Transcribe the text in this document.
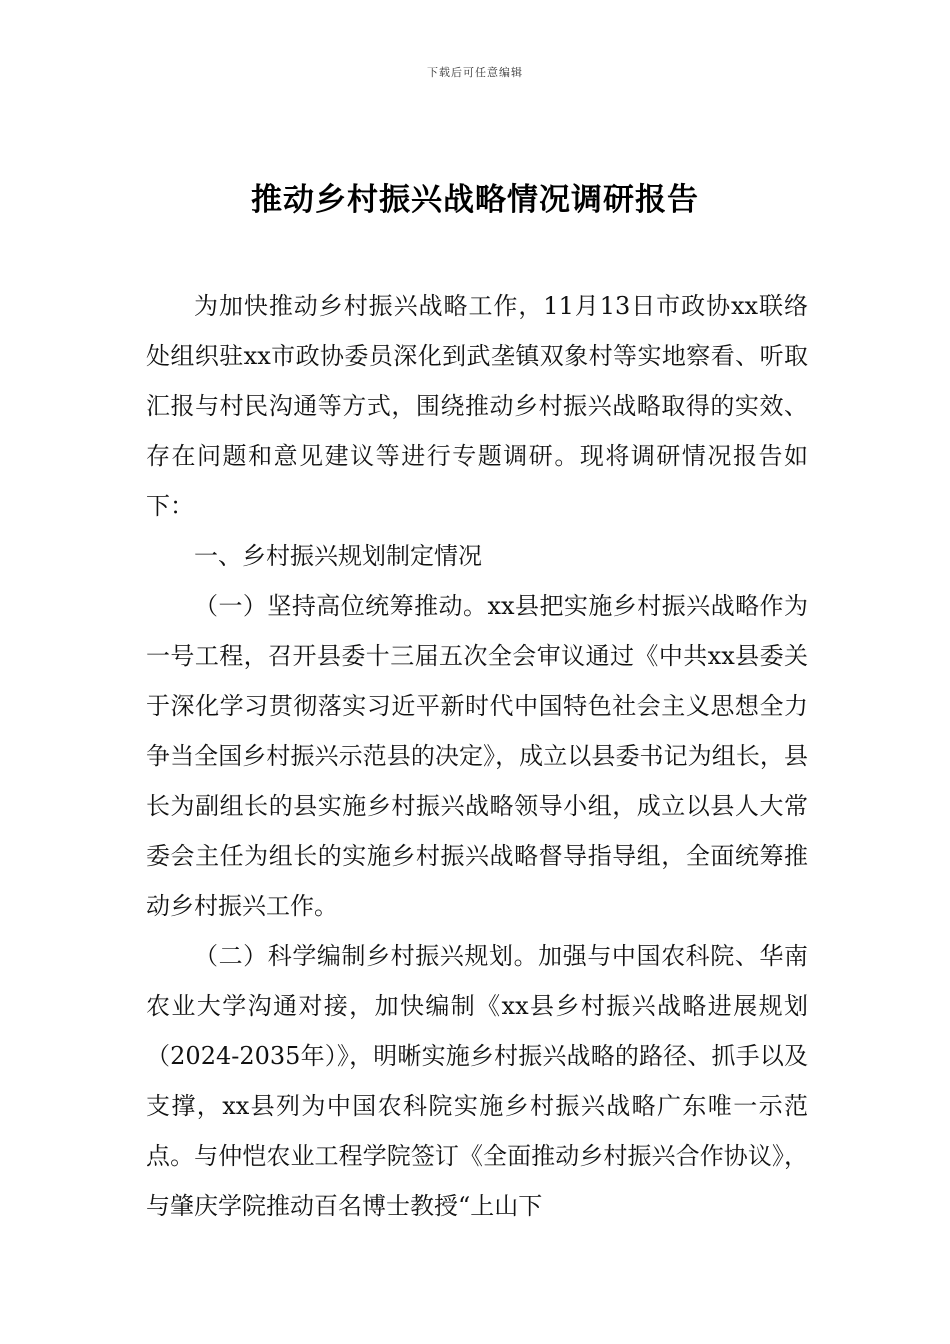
下载后可任意编辑
推动乡村振兴战略情况调研报告

为加快推动乡村振兴战略工作，11月13日市政协xx联络处组织驻xx市政协委员深化到武垄镇双象村等实地察看、听取汇报与村民沟通等方式，围绕推动乡村振兴战略取得的实效、存在问题和意见建议等进行专题调研。现将调研情况报告如下：

一、乡村振兴规划制定情况

（一）坚持高位统筹推动。xx县把实施乡村振兴战略作为一号工程，召开县委十三届五次全会审议通过《中共xx县委关于深化学习贯彻落实习近平新时代中国特色社会主义思想全力争当全国乡村振兴示范县的决定》，成立以县委书记为组长，县长为副组长的县实施乡村振兴战略领导小组，成立以县人大常委会主任为组长的实施乡村振兴战略督导指导组，全面统筹推动乡村振兴工作。

（二）科学编制乡村振兴规划。加强与中国农科院、华南农业大学沟通对接，加快编制《xx县乡村振兴战略进展规划（2024-2035年）》，明晰实施乡村振兴战略的路径、抓手以及支撑，xx县列为中国农科院实施乡村振兴战略广东唯一示范点。与仲恺农业工程学院签订《全面推动乡村振兴合作协议》，与肇庆学院推动百名博士教授“上山下
